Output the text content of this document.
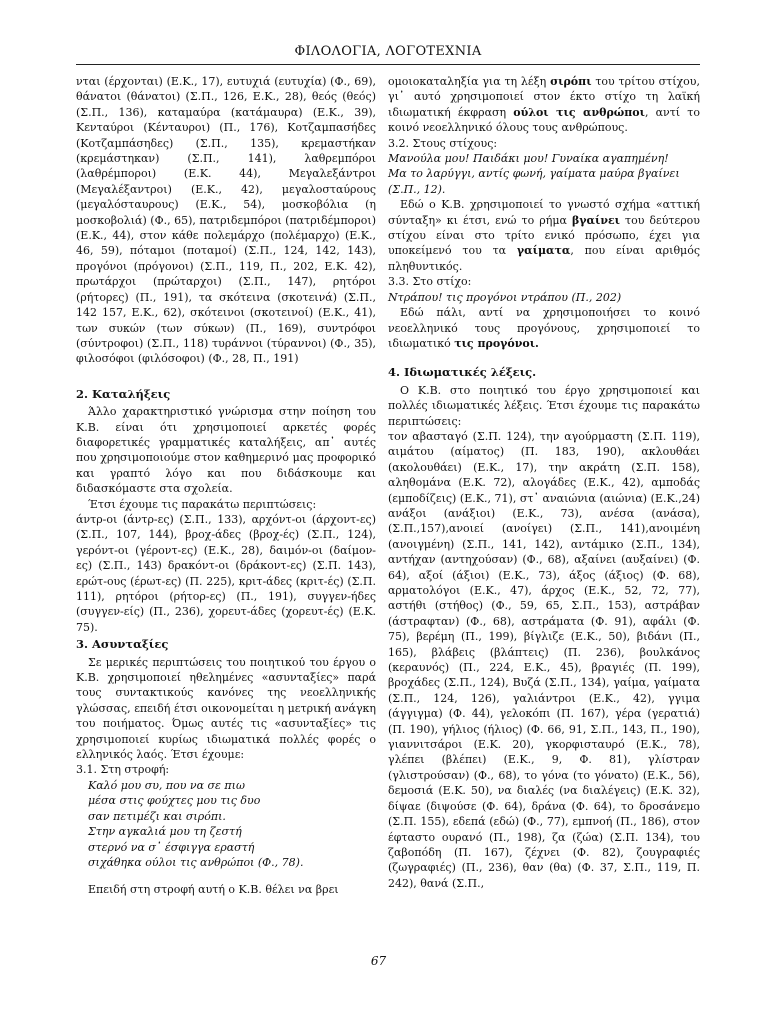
ΦΙΛΟΛΟΓΙΑ, ΛΟΓΟΤΕΧΝΙΑ

νται (έρχονται) (Ε.Κ., 17), ευτυχιά (ευτυχία) (Φ., 69), θάνατοι (θάνατοι) (Σ.Π., 126, Ε.Κ., 28), θεός (θεός) (Σ.Π., 136), καταμαύρα (κατάμαυρα) (Ε.Κ., 39), Κενταύροι (Κένταυροι) (Π., 176), Κοτζαμπασήδες (Κοτζαμπάσηδες) (Σ.Π., 135), κρεμαστήκαν (κρεμάστηκαν) (Σ.Π., 141), λαθρεμπόροι (λαθρέμποροι) (Ε.Κ. 44), Μεγαλεξάντροι (Μεγαλέξαντροι) (Ε.Κ., 42), μεγαλοσταύρους (μεγαλόσταυρους) (Ε.Κ., 54), μοσκοβόλια (η μοσκοβολιά) (Φ., 65), πατριδεμπόροι (πατριδέμποροι) (Ε.Κ., 44), στον κάθε πολεμάρχο (πολέμαρχο) (Ε.Κ., 46, 59), πόταμοι (ποταμοί) (Σ.Π., 124, 142, 143), προγόνοι (πρόγονοι) (Σ.Π., 119, Π., 202, Ε.Κ. 42), πρωτάρχοι (πρώταρχοι) (Σ.Π., 147), ρητόροι (ρήτορες) (Π., 191), τα σκότεινα (σκοτεινά) (Σ.Π., 142 157, Ε.Κ., 62), σκότεινοι (σκοτεινοί) (Ε.Κ., 41), των συκών (των σύκων) (Π., 169), συντρόφοι (σύντροφοι) (Σ.Π., 118) τυράννοι (τύραννοι) (Φ., 35), φιλοσόφοι (φιλόσοφοι) (Φ., 28, Π., 191)

2. Καταλήξεις

Άλλο χαρακτηριστικό γνώρισμα στην ποίηση του Κ.Β. είναι ότι χρησιμοποιεί αρκετές φορές διαφορετικές γραμματικές καταλήξεις, απ᾽ αυτές που χρησιμοποιούμε στον καθημερινό μας προφορικό και γραπτό λόγο και που διδάσκουμε και διδασκόμαστε στα σχολεία.

Έτσι έχουμε τις παρακάτω περιπτώσεις:

άντρ-οι (άντρ-ες) (Σ.Π., 133), αρχόντ-οι (άρχοντ-ες) (Σ.Π., 107, 144), βροχ-άδες (βροχ-ές) (Σ.Π., 124), γερόντ-οι (γέροντ-ες) (Ε.Κ., 28), δαιμόν-οι (δαίμον-ες) (Σ.Π., 143) δρακόντ-οι (δράκοντ-ες) (Σ.Π. 143), ερώτ-ους (έρωτ-ες) (Π. 225), κριτ-άδες (κριτ-ές) (Σ.Π. 111), ρητόροι (ρήτορ-ες) (Π., 191), συγγεν-ήδες (συγγεν-είς) (Π., 236), χορευτ-άδες (χορευτ-ές) (Ε.Κ. 75).

3. Ασυνταξίες

Σε μερικές περιπτώσεις του ποιητικού του έργου ο Κ.Β. χρησιμοποιεί ηθελημένες «ασυνταξίες» παρά τους συντακτικούς κανόνες της νεοελληνικής γλώσσας, επειδή έτσι οικονομείται η μετρική ανάγκη του ποιήματος. Όμως αυτές τις «ασυνταξίες» τις χρησιμοποιεί κυρίως ιδιωματικά πολλές φορές ο ελληνικός λαός. Έτσι έχουμε:

3.1. Στη στροφή:

Καλό μου συ, που να σε πιω
μέσα στις φούχτες μου τις δυο
σαν πετιμέζι και σιρόπι.
Στην αγκαλιά μου τη ζεστή
στερνό να σ᾽ έσφιγγα εραστή
σιχάθηκα ούλοι τις ανθρώποι (Φ., 78).

Επειδή στη στροφή αυτή ο Κ.Β. θέλει να βρει

ομοιοκαταληξία για τη λέξη σιρόπι του τρίτου στίχου, γι᾽ αυτό χρησιμοποιεί στον έκτο στίχο τη λαϊκή ιδιωματική έκφραση ούλοι τις ανθρώποι, αντί το κοινό νεοελληνικό όλους τους ανθρώπους.

3.2. Στους στίχους:

Μανούλα μου! Παιδάκι μου! Γυναίκα αγαπημένη!
Μα το λαρύγγι, αντίς φωνή, γαίματα μαύρα βγαίνει
(Σ.Π., 12).

Εδώ ο Κ.Β. χρησιμοποιεί το γνωστό σχήμα «αττική σύνταξη» κι έτσι, ενώ το ρήμα βγαίνει του δεύτερου στίχου είναι στο τρίτο ενικό πρόσωπο, έχει για υποκείμενό του τα γαίματα, που είναι αριθμός πληθυντικός.

3.3. Στο στίχο:

Ντράπου! τις προγόνοι ντράπου (Π., 202)

Εδώ πάλι, αντί να χρησιμοποιήσει το κοινό νεοελληνικό τους προγόνους, χρησιμοποιεί το ιδιωματικό τις προγόνοι.

4. Ιδιωματικές λέξεις.

Ο Κ.Β. στο ποιητικό του έργο χρησιμοποιεί και πολλές ιδιωματικές λέξεις. Έτσι έχουμε τις παρακάτω περιπτώσεις:

τον αβασταγό (Σ.Π. 124), την αγούρμαστη (Σ.Π. 119), αιμάτου (αίματος) (Π. 183, 190), ακλουθάει (ακολουθάει) (Ε.Κ., 17), την ακράτη (Σ.Π. 158), αληθομάνα (Ε.Κ. 72), αλογάδες (Ε.Κ., 42), αμποδάς (εμποδίζεις) (Ε.Κ., 71), στ᾽ αναιώνια (αιώνια) (Ε.Κ.,24) ανάξοι (ανάξιοι) (Ε.Κ., 73), ανέσα (ανάσα),(Σ.Π.,157),ανοιεί (ανοίγει) (Σ.Π., 141),ανοιμένη (ανοιγμένη) (Σ.Π., 141, 142), αντάμικο (Σ.Π., 134), αντήχαν (αντηχούσαν) (Φ., 68), αξαίνει (αυξαίνει) (Φ. 64), αξοί (άξιοι) (Ε.Κ., 73), άξος (άξιος) (Φ. 68), αρματολόγοι (Ε.Κ., 47), άρχος (Ε.Κ., 52, 72, 77), αστήθι (στήθος) (Φ., 59, 65, Σ.Π., 153), αστράβαν (άστραφταν) (Φ., 68), αστράματα (Φ. 91), αφάλι (Φ. 75), βερέμη (Π., 199), βίγλιζε (Ε.Κ., 50), βιδάνι (Π., 165), βλάβεις (βλάπτεις) (Π. 236), βουλκάνος (κεραυνός) (Π., 224, Ε.Κ., 45), βραγιές (Π. 199), βροχάδες (Σ.Π., 124), Βυζά (Σ.Π., 134), γαίμα, γαίματα (Σ.Π., 124, 126), γαλιάντροι (Ε.Κ., 42), γγιμα (άγγιγμα) (Φ. 44), γελοκόπι (Π. 167), γέρα (γερατιά) (Π. 190), γήλιος (ήλιος) (Φ. 66, 91, Σ.Π., 143, Π., 190), γιαννιτσάροι (Ε.Κ. 20), γκορφισταυρό (Ε.Κ., 78), γλέπει (βλέπει) (Ε.Κ., 9, Φ. 81), γλίστραν (γλιστρούσαν) (Φ., 68), το γόνα (το γόνατο) (Ε.Κ., 56), δεμοσιά (Ε.Κ. 50), να διαλές (να διαλέγεις) (Ε.Κ. 32), δίψαε (διψούσε (Φ. 64), δράνα (Φ. 64), το δροσάνεμο (Σ.Π. 155), εδεπά (εδώ) (Φ., 77), εμπνοή (Π., 186), στον έφταστο ουρανό (Π., 198), ζα (ζώα) (Σ.Π. 134), του ζαβοπόδη (Π. 167), ζέχνει (Φ. 82), ζουγραφιές (ζωγραφιές) (Π., 236), θαν (θα) (Φ. 37, Σ.Π., 119, Π. 242), θανά (Σ.Π.,

67
